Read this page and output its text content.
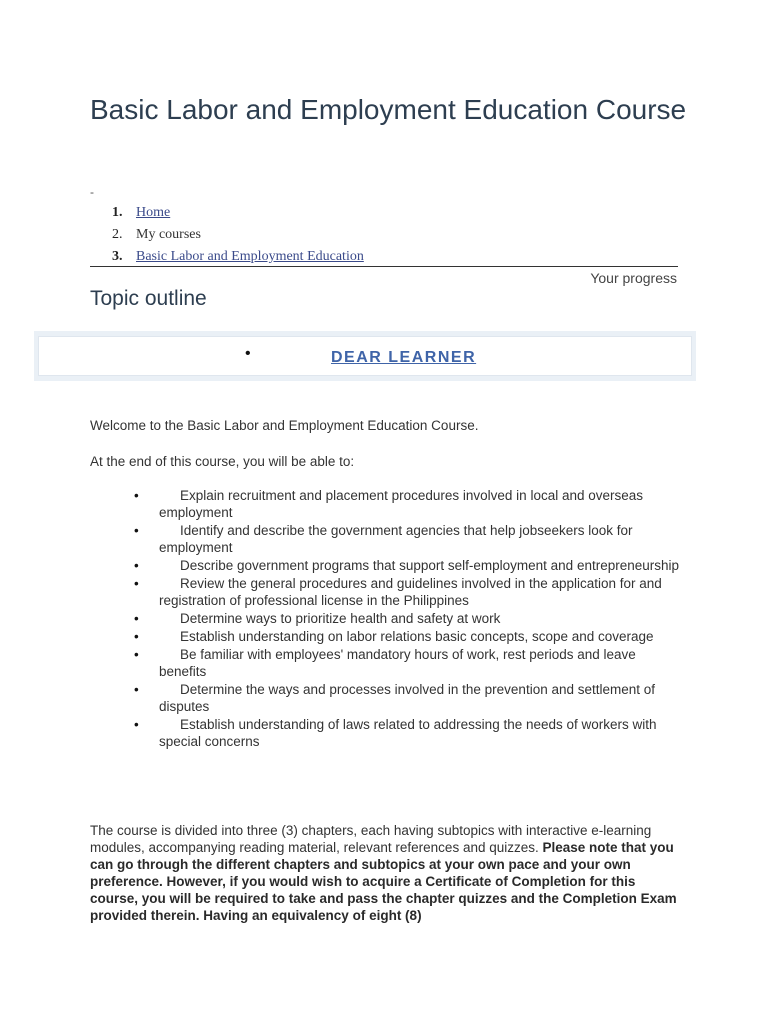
Basic Labor and Employment Education Course
-
1. Home
2. My courses
3. Basic Labor and Employment Education
Your progress
Topic outline
•	DEAR LEARNER

Welcome to the Basic Labor and Employment Education Course.

At the end of this course, you will be able to:

•	Explain recruitment and placement procedures involved in local and overseas employment
•	Identify and describe the government agencies that help jobseekers look for employment
•	Describe government programs that support self-employment and entrepreneurship
•	Review the general procedures and guidelines involved in the application for and registration of professional license in the Philippines
•	Determine ways to prioritize health and safety at work
•	Establish understanding on labor relations basic concepts, scope and coverage
•	Be familiar with employees' mandatory hours of work, rest periods and leave benefits
•	Determine the ways and processes involved in the prevention and settlement of disputes
•	Establish understanding of laws related to addressing the needs of workers with special concerns

The course is divided into three (3) chapters, each having subtopics with interactive e-learning modules, accompanying reading material, relevant references and quizzes. Please note that you can go through the different chapters and subtopics at your own pace and your own preference. However, if you would wish to acquire a Certificate of Completion for this course, you will be required to take and pass the chapter quizzes and the Completion Exam provided therein. Having an equivalency of eight (8)
